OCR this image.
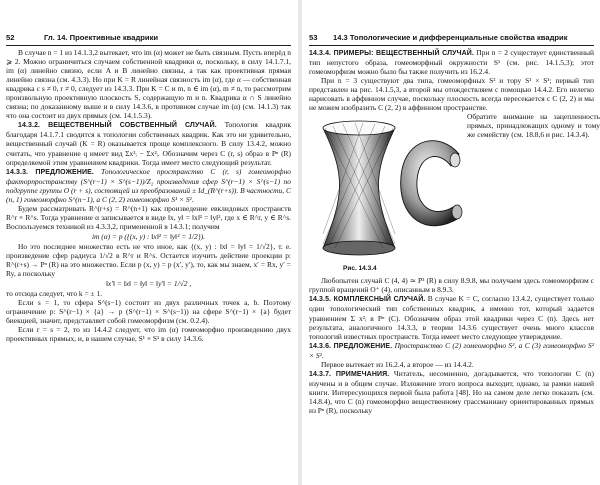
52	Гл. 14. Проективные квадрики

В случае n = 1 из 14.1.3,2 вытекает, что im (α) может не быть связным. Пусть вперёд n ⩾ 2. Можно ограничиться случаем собственной квадрики α, поскольку, в силу 14.1.7.1, im (α) линейно связно, если A и B линейно связны, а так как проективная прямая линейно связна (см. 4.3.3). Но при K = R линейная связность im (α), где α — собственная квадрика с s ≠ 0, r ≠ 0, следует из 14.3.3. При K = C и m, n ∈ im (α), m ≠ n, то рассмотрим произвольную проективную плоскость S, содержащую m и n. Квадрика α ∩ S линейно связна; по доказанному выше и в силу 14.3.6, в противном случае im (α) (см. 14.1.3) так что она состоит из двух прямых (см. 14.1.5.3).

14.3.2. ВЕЩЕСТВЕННЫЙ СОБСТВЕННЫЙ СЛУЧАЙ. Топология квадрик благодаря 14.1.7.1 сводится к топологии собственных квадрик. Как это ни удивительно, вещественный случай (K = R) оказывается проще комплексного. В силу 13.4.2, можно считать, что уравнение q имеет вид Σx²ᵢ − Σx²ᵢ. Обозначим через C (r, s) образ в Pⁿ (R) определяемой этим уравнением квадрики. Тогда имеет место следующий результат.

14.3.3. ПРЕДЛОЖЕНИЕ. Топологическое пространство C (r, s) гомеоморфно факторпространству (S^(r−1) × S^(s−1))/Z₂ произведения сфер S^(r−1) × S^(s−1) по подгруппе группы O (r + s), состоящей из преобразований ± Id_(R^(r+s)). В частности, C (n, 1) гомеоморфно S^(n−1), а C (2, 2) гомеоморфно S¹ × S¹.

Будем рассматривать R^(r+s) = R^(n+1) как произведение евклидовых пространств R^r × R^s. Тогда уравнение α записывается в виде ‖x, y‖ = ‖x‖² = ‖y‖², где x ∈ R^r, y ∈ R^s. Воспользуемся техникой из 4.3.3,2, примененной в 14.3.1; получим

im (α) = p ({(x, y) : ‖x‖² = ‖y‖² = 1/2}).

Но это последнее множество есть не что иное, как {(x, y) : ‖x‖ = ‖y‖ = 1/√2}, т. е. произведение сфер радиуса 1/√2 в R^r и R^s. Остается изучить действие проекции p: R^(r+s) → Pⁿ (R) на это множество. Если p (x, y) = p (x′, y′), то, как мы знаем, x′ = Rx, y′ = Ry, а поскольку

‖x′‖ = ‖x‖ = ‖y‖ = ‖y′‖ = 1/√2 ,

то отсюда следует, что k = ± 1.

Если s = 1, то сфера S^(s−1) состоит из двух различных точек a, b. Поэтому ограничение p: S^(r−1) × {a} → p (S^(r−1) × S^(s−1)) на сфере S^(r−1) × {a} будет биекцией, значит, представляет собой гомеоморфизм (см. 0.2.4).

Если r = s = 2, то из 14.4.2 следует, что im (α) гомеоморфно произведению двух проективных прямых, и, в нашем случае, S¹ × S¹ в силу 14.3.6.

53 14.3 Топологические и дифференциальные свойства квадрик

14.3.4. ПРИМЕРЫ: ВЕЩЕСТВЕННЫЙ СЛУЧАЙ. При n = 2 существует единственный тип непустого образа, гомеоморфный окружности S¹ (см. рис. 14.1.5,3); этот гомеоморфизм можно было бы также получить из 16.2.4.

При n = 3 существуют два типа, гомеоморфных S² и тору S¹ × S¹; первый тип представлен на рис. 14.1.5,3, а второй мы отождествляем с помощью 14.4.2. Его нелегко нарисовать в аффинном случае, поскольку плоскость всегда пересекается с C (2, 2) и мы не можем изобразить C (2, 2) в аффинном пространстве.

Рис. 14.3.4
Обратите внимание на зацепленность прямых, принадлежащих одному и тому же семейству (см. 18.8,6 и рис. 14.3.4).

Любопытен случай C (4, 4) ≃ P³ (R) в силу 8.9.8, мы получаем здесь гомеоморфизм с группой вращений O⁺ (4), описанным в 8.9.3.

14.3.5. КОМПЛЕКСНЫЙ СЛУЧАЙ. В случае K = C, согласно 13.4.2, существует только один топологический тип собственных квадрик, а именно тот, который задается уравнением Σ x²ᵢ в Pⁿ (C). Обозначим образ этой квадрики через C (n). Здесь нет результата, аналогичного 14.3.3, в теории 14.3.6 существует очень много классов топологий известных пространств. Тогда имеет место следующее утверждение.

14.3.6. ПРЕДЛОЖЕНИЕ. Пространство C (2) гомеоморфно S², а C (3) гомеоморфно S² × S².

Первое вытекает из 16.2.4, а второе — из 14.4.2.

14.3.7. ПРИМЕЧАНИЯ. Читатель, несомненно, догадывается, что топологии C (n) изучены и в общем случае. Изложение этого вопроса выходит, однако, за рамки нашей книги. Интересующихся первой была работа [48]. Но на самом деле легко показать (см. 14.8.4), что C (n) гомеоморфно вещественному грассманиану ориентированных прямых из Pⁿ (R), поскольку
